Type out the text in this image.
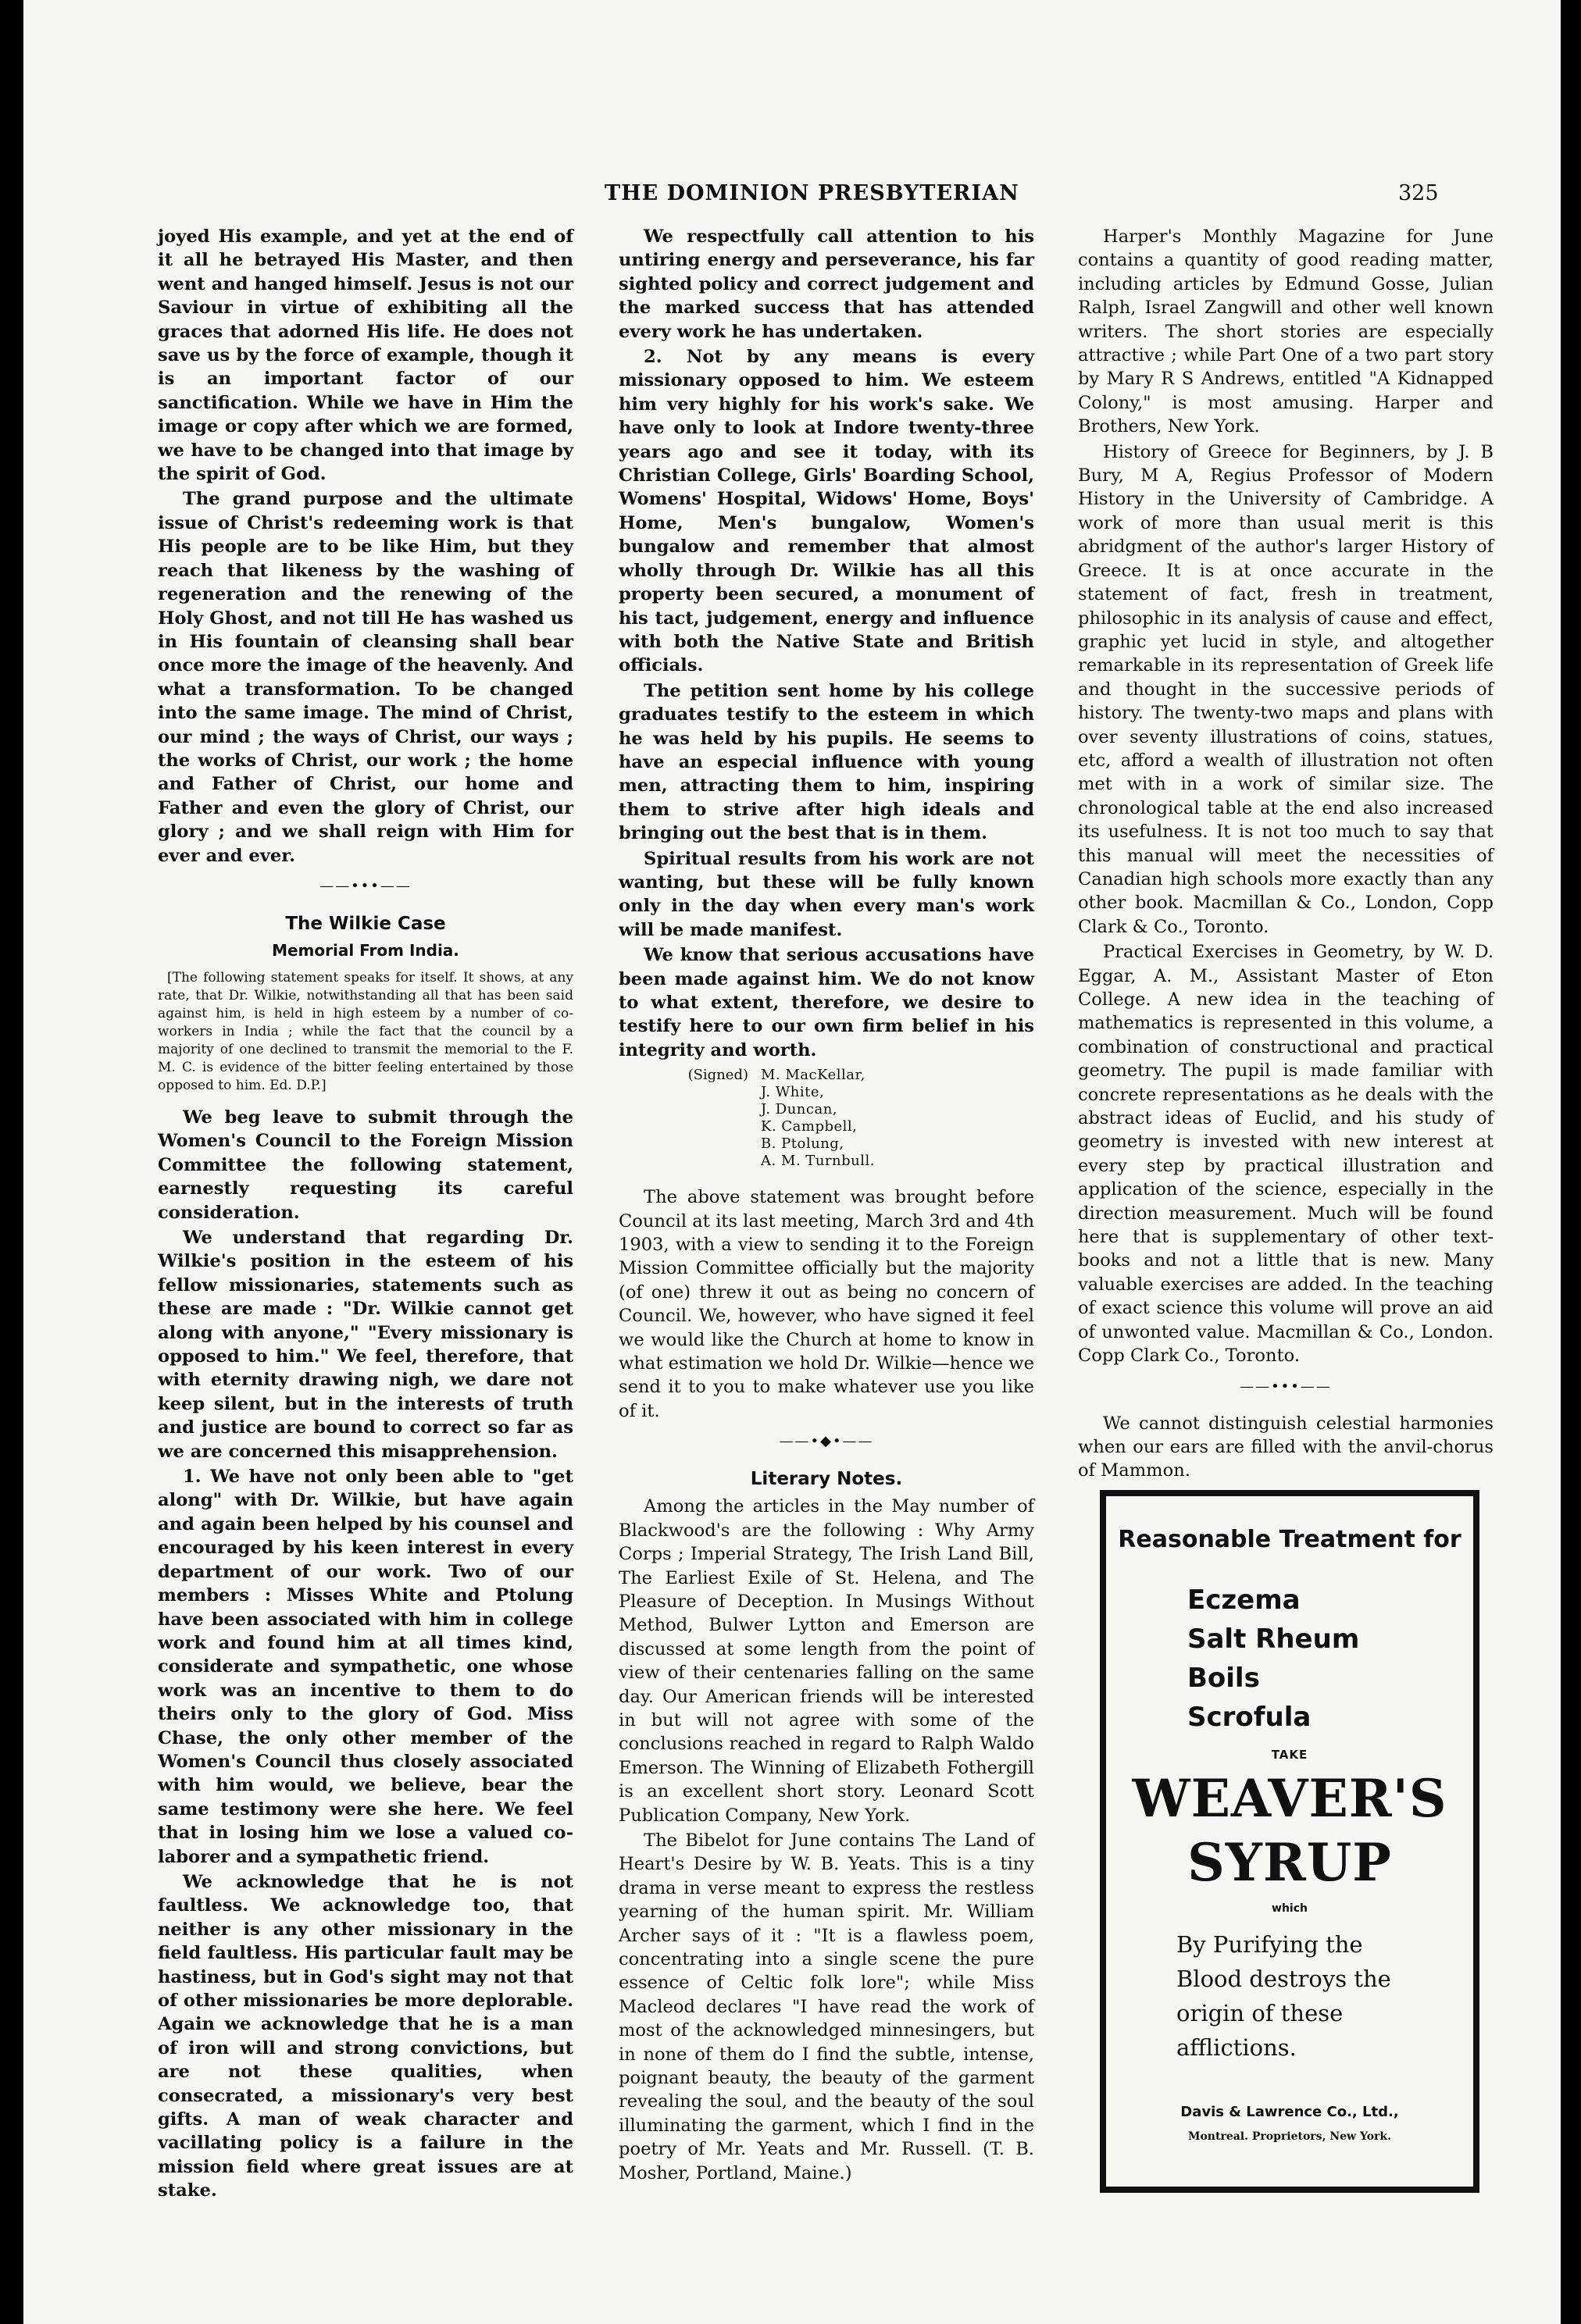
THE DOMINION PRESBYTERIAN	325

joyed His example, and yet at the end of it all he betrayed His Master, and then went and hanged himself. Jesus is not our Saviour in virtue of exhibiting all the graces that adorned His life. He does not save us by the force of example, though it is an important factor of our sanctification. While we have in Him the image or copy after which we are formed, we have to be changed into that image by the spirit of God.

The grand purpose and the ultimate issue of Christ's redeeming work is that His people are to be like Him, but they reach that likeness by the washing of regeneration and the renewing of the Holy Ghost, and not till He has washed us in His fountain of cleansing shall bear once more the image of the heavenly. And what a transformation. To be changed into the same image. The mind of Christ, our mind ; the ways of Christ, our ways ; the works of Christ, our work ; the home and Father of Christ, our home and Father and even the glory of Christ, our glory ; and we shall reign with Him for ever and ever.

——•••——
The Wilkie Case
Memorial From India.
[The following statement speaks for itself. It shows, at any rate, that Dr. Wilkie, notwithstanding all that has been said against him, is held in high esteem by a number of co-workers in India ; while the fact that the council by a majority of one declined to transmit the memorial to the F. M. C. is evidence of the bitter feeling entertained by those opposed to him. Ed. D.P.]

We beg leave to submit through the Women's Council to the Foreign Mission Committee the following statement, earnestly requesting its careful consideration.

We understand that regarding Dr. Wilkie's position in the esteem of his fellow missionaries, statements such as these are made : "Dr. Wilkie cannot get along with anyone," "Every missionary is opposed to him." We feel, therefore, that with eternity drawing nigh, we dare not keep silent, but in the interests of truth and justice are bound to correct so far as we are concerned this misapprehension.

1. We have not only been able to "get along" with Dr. Wilkie, but have again and again been helped by his counsel and encouraged by his keen interest in every department of our work. Two of our members : Misses White and Ptolung have been associated with him in college work and found him at all times kind, considerate and sympathetic, one whose work was an incentive to them to do theirs only to the glory of God. Miss Chase, the only other member of the Women's Council thus closely associated with him would, we believe, bear the same testimony were she here. We feel that in losing him we lose a valued co-laborer and a sympathetic friend.

We acknowledge that he is not faultless. We acknowledge too, that neither is any other missionary in the field faultless. His particular fault may be hastiness, but in God's sight may not that of other missionaries be more deplorable. Again we acknowledge that he is a man of iron will and strong convictions, but are not these qualities, when consecrated, a missionary's very best gifts. A man of weak character and vacillating policy is a failure in the mission field where great issues are at stake.

We respectfully call attention to his untiring energy and perseverance, his far sighted policy and correct judgement and the marked success that has attended every work he has undertaken.

2. Not by any means is every missionary opposed to him. We esteem him very highly for his work's sake. We have only to look at Indore twenty-three years ago and see it today, with its Christian College, Girls' Boarding School, Womens' Hospital, Widows' Home, Boys' Home, Men's bungalow, Women's bungalow and remember that almost wholly through Dr. Wilkie has all this property been secured, a monument of his tact, judgement, energy and influence with both the Native State and British officials.

The petition sent home by his college graduates testify to the esteem in which he was held by his pupils. He seems to have an especial influence with young men, attracting them to him, inspiring them to strive after high ideals and bringing out the best that is in them.

Spiritual results from his work are not wanting, but these will be fully known only in the day when every man's work will be made manifest.

We know that serious accusations have been made against him. We do not know to what extent, therefore, we desire to testify here to our own firm belief in his integrity and worth.

(Signed) M. MacKellar,
J. White,
J. Duncan,
K. Campbell,
B. Ptolung,
A. M. Turnbull.

The above statement was brought before Council at its last meeting, March 3rd and 4th 1903, with a view to sending it to the Foreign Mission Committee officially but the majority (of one) threw it out as being no concern of Council. We, however, who have signed it feel we would like the Church at home to know in what estimation we hold Dr. Wilkie—hence we send it to you to make whatever use you like of it.

——•◆•——
Literary Notes.

Among the articles in the May number of Blackwood's are the following : Why Army Corps ; Imperial Strategy, The Irish Land Bill, The Earliest Exile of St. Helena, and The Pleasure of Deception. In Musings Without Method, Bulwer Lytton and Emerson are discussed at some length from the point of view of their centenaries falling on the same day. Our American friends will be interested in but will not agree with some of the conclusions reached in regard to Ralph Waldo Emerson. The Winning of Elizabeth Fothergill is an excellent short story. Leonard Scott Publication Company, New York.

The Bibelot for June contains The Land of Heart's Desire by W. B. Yeats. This is a tiny drama in verse meant to express the restless yearning of the human spirit. Mr. William Archer says of it : "It is a flawless poem, concentrating into a single scene the pure essence of Celtic folk lore"; while Miss Macleod declares "I have read the work of most of the acknowledged minnesingers, but in none of them do I find the subtle, intense, poignant beauty, the beauty of the garment revealing the soul, and the beauty of the soul illuminating the garment, which I find in the poetry of Mr. Yeats and Mr. Russell. (T. B. Mosher, Portland, Maine.)

Harper's Monthly Magazine for June contains a quantity of good reading matter, including articles by Edmund Gosse, Julian Ralph, Israel Zangwill and other well known writers. The short stories are especially attractive ; while Part One of a two part story by Mary R S Andrews, entitled "A Kidnapped Colony," is most amusing. Harper and Brothers, New York.

History of Greece for Beginners, by J. B Bury, M A, Regius Professor of Modern History in the University of Cambridge. A work of more than usual merit is this abridgment of the author's larger History of Greece. It is at once accurate in the statement of fact, fresh in treatment, philosophic in its analysis of cause and effect, graphic yet lucid in style, and altogether remarkable in its representation of Greek life and thought in the successive periods of history. The twenty-two maps and plans with over seventy illustrations of coins, statues, etc, afford a wealth of illustration not often met with in a work of similar size. The chronological table at the end also increased its usefulness. It is not too much to say that this manual will meet the necessities of Canadian high schools more exactly than any other book. Macmillan & Co., London, Copp Clark & Co., Toronto.

Practical Exercises in Geometry, by W. D. Eggar, A. M., Assistant Master of Eton College. A new idea in the teaching of mathematics is represented in this volume, a combination of constructional and practical geometry. The pupil is made familiar with concrete representations as he deals with the abstract ideas of Euclid, and his study of geometry is invested with new interest at every step by practical illustration and application of the science, especially in the direction measurement. Much will be found here that is supplementary of other text-books and not a little that is new. Many valuable exercises are added. In the teaching of exact science this volume will prove an aid of unwonted value. Macmillan & Co., London. Copp Clark Co., Toronto.

——•••——

We cannot distinguish celestial harmonies when our ears are filled with the anvil-chorus of Mammon.

Reasonable Treatment for
Eczema
Salt Rheum
Boils
Scrofula
TAKE
WEAVER'S
SYRUP
which
By Purifying the Blood destroys the origin of these afflictions.
Davis & Lawrence Co., Ltd.,
Montreal. Proprietors, New York.
